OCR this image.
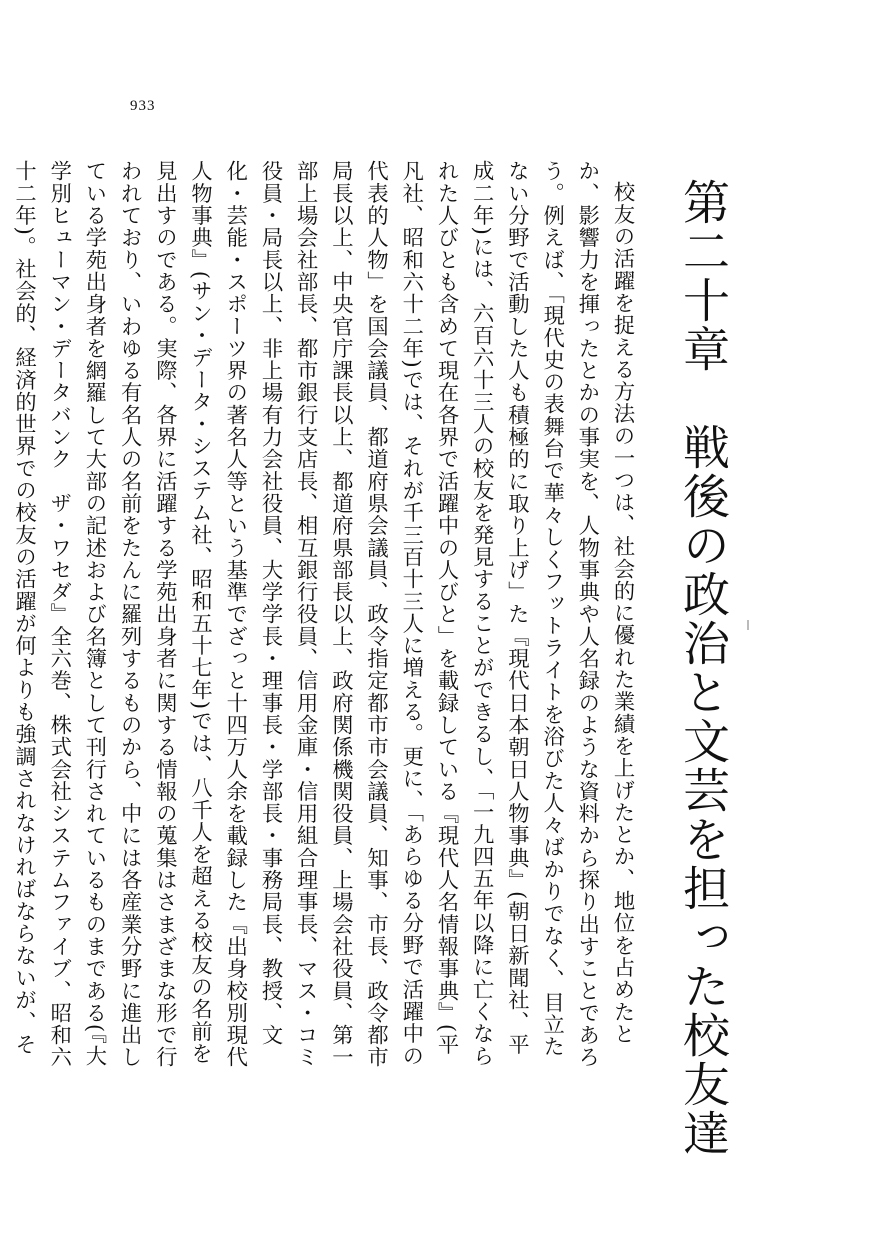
933
第二十章　戦後の政治と文芸を担った校友達

校友の活躍を捉える方法の一つは、社会的に優れた業績を上げたとか、地位を占めたとか、影響力を揮ったとかの事実を、人物事典や人名録のような資料から探り出すことであろう。例えば、「現代史の表舞台で華々しくフットライトを浴びた人々ばかりでなく、目立たない分野で活動した人も積極的に取り上げ」た『現代日本朝日人物事典』(朝日新聞社、平成二年)には、六百六十三人の校友を発見することができるし、「一九四五年以降に亡くなられた人びとも含めて現在各界で活躍中の人びと」を載録している『現代人名情報事典』(平凡社、昭和六十二年)では、それが千三百十三人に増える。更に、「あらゆる分野で活躍中の代表的人物」を国会議員、都道府県会議員、政令指定都市市会議員、知事、市長、政令都市局長以上、中央官庁課長以上、都道府県部長以上、政府関係機関役員、上場会社役員、第一部上場会社部長、都市銀行支店長、相互銀行役員、信用金庫・信用組合理事長、マス・コミ役員・局長以上、非上場有力会社役員、大学学長・理事長・学部長・事務局長、教授、文化・芸能・スポーツ界の著名人等という基準でざっと十四万人余を載録した『出身校別現代人物事典』(サン・データ・システム社、昭和五十七年)では、八千人を超える校友の名前を見出すのである。実際、各界に活躍する学苑出身者に関する情報の蒐集はさまざまな形で行われており、いわゆる有名人の名前をたんに羅列するものから、中には各産業分野に進出している学苑出身者を網羅して大部の記述および名簿として刊行されているものまである(『大学別ヒューマン・データバンク　ザ・ワセダ』全六巻、株式会社システムファイブ、昭和六十二年)。社会的、経済的世界での校友の活躍が何よりも強調されなければならないが、そ
